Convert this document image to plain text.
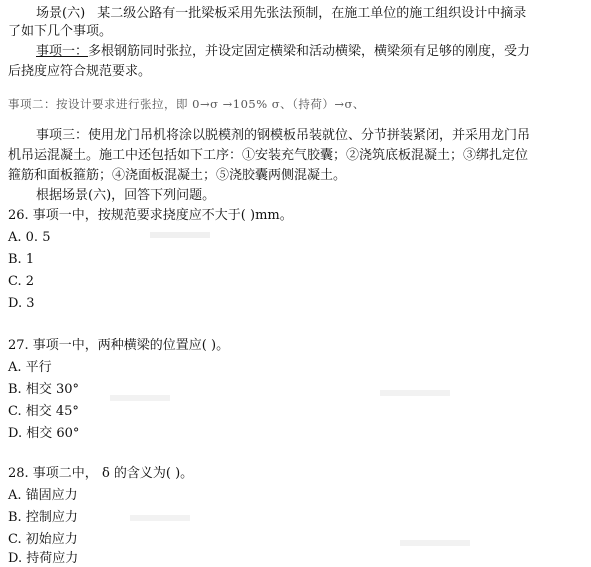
场景(六) 某二级公路有一批梁板采用先张法预制，在施工单位的施工组织设计中摘录
了如下几个事项。
事项一：多根钢筋同时张拉，并设定固定横梁和活动横梁，横梁须有足够的刚度，受力
后挠度应符合规范要求。
事项二：按设计要求进行张拉，即 0→σ →105% σ、（持荷）→σ、
事项三：使用龙门吊机将涂以脱模剂的钢模板吊装就位、分节拼装紧闭，并采用龙门吊
机吊运混凝土。施工中还包括如下工序：①安装充气胶囊；②浇筑底板混凝土；③绑扎定位
箍筋和面板箍筋；④浇面板混凝土；⑤浇胶囊两侧混凝土。
根据场景(六)，回答下列问题。
26. 事项一中，按规范要求挠度应不大于( )mm。
A. 0. 5
B. 1
C. 2
D. 3
27. 事项一中，两种横梁的位置应( )。
A. 平行
B. 相交 30°
C. 相交 45°
D. 相交 60°
28. 事项二中， δ 的含义为( )。
A. 锚固应力
B. 控制应力
C. 初始应力
D. 持荷应力
